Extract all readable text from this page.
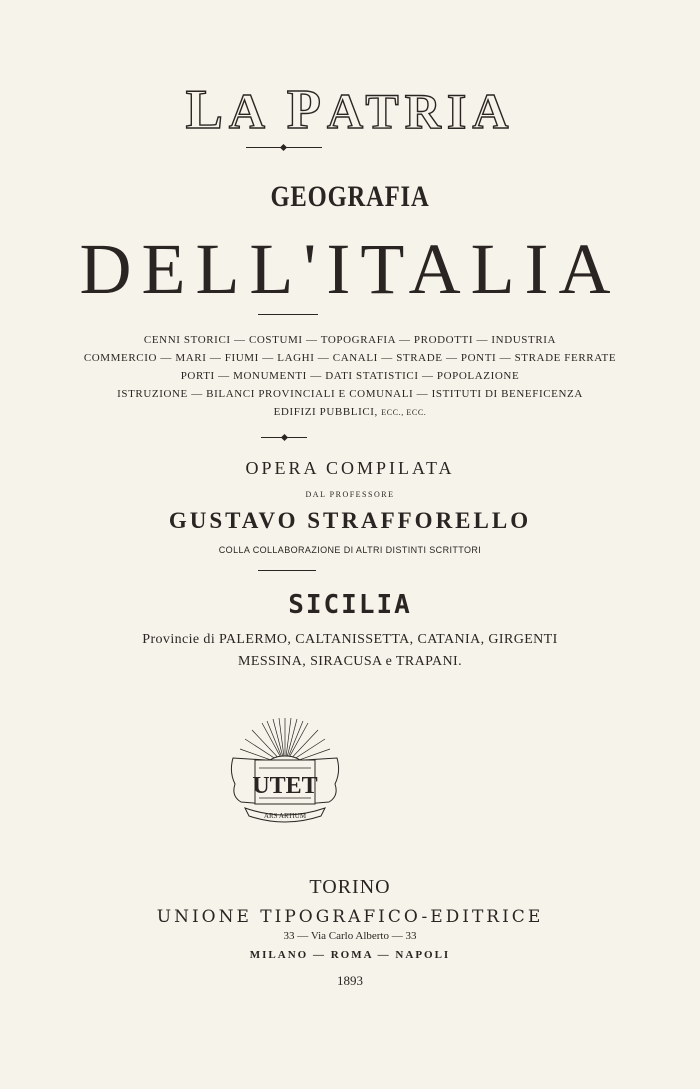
LA PATRIA
GEOGRAFIA
DELL'ITALIA
CENNI STORICI — COSTUMI — TOPOGRAFIA — PRODOTTI — INDUSTRIA
COMMERCIO — MARI — FIUMI — LAGHI — CANALI — STRADE — PONTI — STRADE FERRATE
PORTI — MONUMENTI — DATI STATISTICI — POPOLAZIONE
ISTRUZIONE — BILANCI PROVINCIALI E COMUNALI — ISTITUTI DI BENEFICENZA
EDIFIZI PUBBLICI, ECC., ECC.
OPERA COMPILATA
DAL PROFESSORE
GUSTAVO STRAFFORELLO
COLLA COLLABORAZIONE DI ALTRI DISTINTI SCRITTORI
SICILIA
Provincie di PALERMO, CALTANISSETTA, CATANIA, GIRGENTI
MESSINA, SIRACUSA e TRAPANI.
UTET
ARS ARTIUM
TORINO
UNIONE TIPOGRAFICO-EDITRICE
33 — Via Carlo Alberto — 33
MILANO — ROMA — NAPOLI
1893
